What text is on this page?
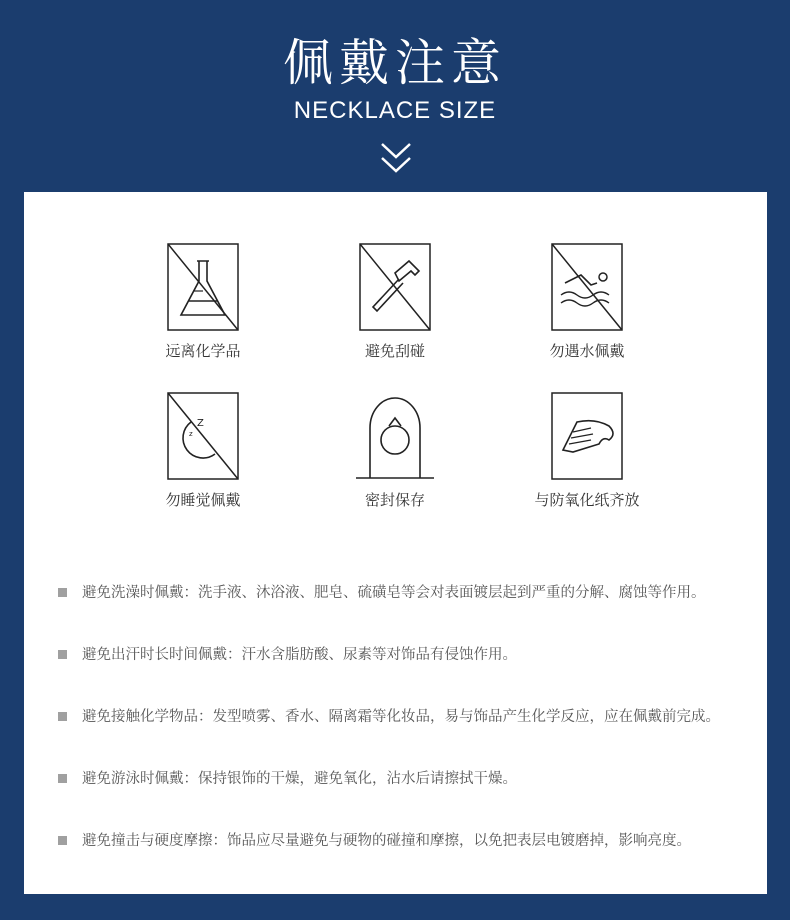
佩戴注意
NECKLACE SIZE
远离化学品	避免刮碰	勿遇水佩戴
Z
z
勿睡觉佩戴	密封保存	与防氧化纸齐放
避免洗澡时佩戴：洗手液、沐浴液、肥皂、硫磺皂等会对表面镀层起到严重的分解、腐蚀等作用。
避免出汗时长时间佩戴：汗水含脂肪酸、尿素等对饰品有侵蚀作用。
避免接触化学物品：发型喷雾、香水、隔离霜等化妆品，易与饰品产生化学反应，应在佩戴前完成。
避免游泳时佩戴：保持银饰的干燥，避免氧化，沾水后请擦拭干燥。
避免撞击与硬度摩擦：饰品应尽量避免与硬物的碰撞和摩擦，以免把表层电镀磨掉，影响亮度。
